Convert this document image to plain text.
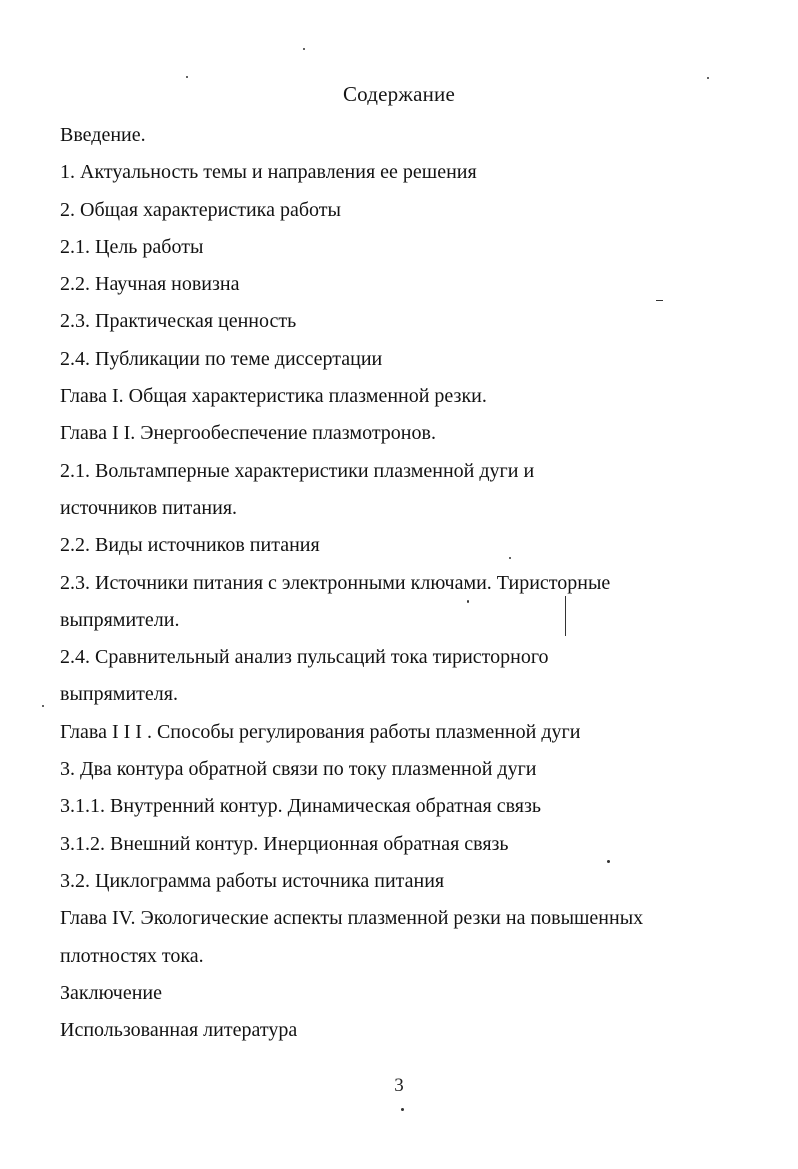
Содержание
Введение.
1. Актуальность темы и направления ее решения
2. Общая характеристика работы
2.1. Цель работы
2.2. Научная новизна
2.3. Практическая ценность
2.4. Публикации по теме диссертации
Глава I. Общая характеристика плазменной резки.
Глава I I. Энергообеспечение плазмотронов.
2.1. Вольтамперные характеристики плазменной дуги и
источников питания.
2.2. Виды источников питания
2.3. Источники питания с электронными ключами. Тиристорные
выпрямители.
2.4. Сравнительный анализ пульсаций тока тиристорного
выпрямителя.
Глава I I I . Способы регулирования работы плазменной дуги
3. Два контура обратной связи по току плазменной дуги
3.1.1. Внутренний контур. Динамическая обратная связь
3.1.2. Внешний контур. Инерционная обратная связь
3.2. Циклограмма работы источника питания
Глава IV. Экологические аспекты плазменной резки на повышенных
плотностях тока.
Заключение
Использованная литература
3
